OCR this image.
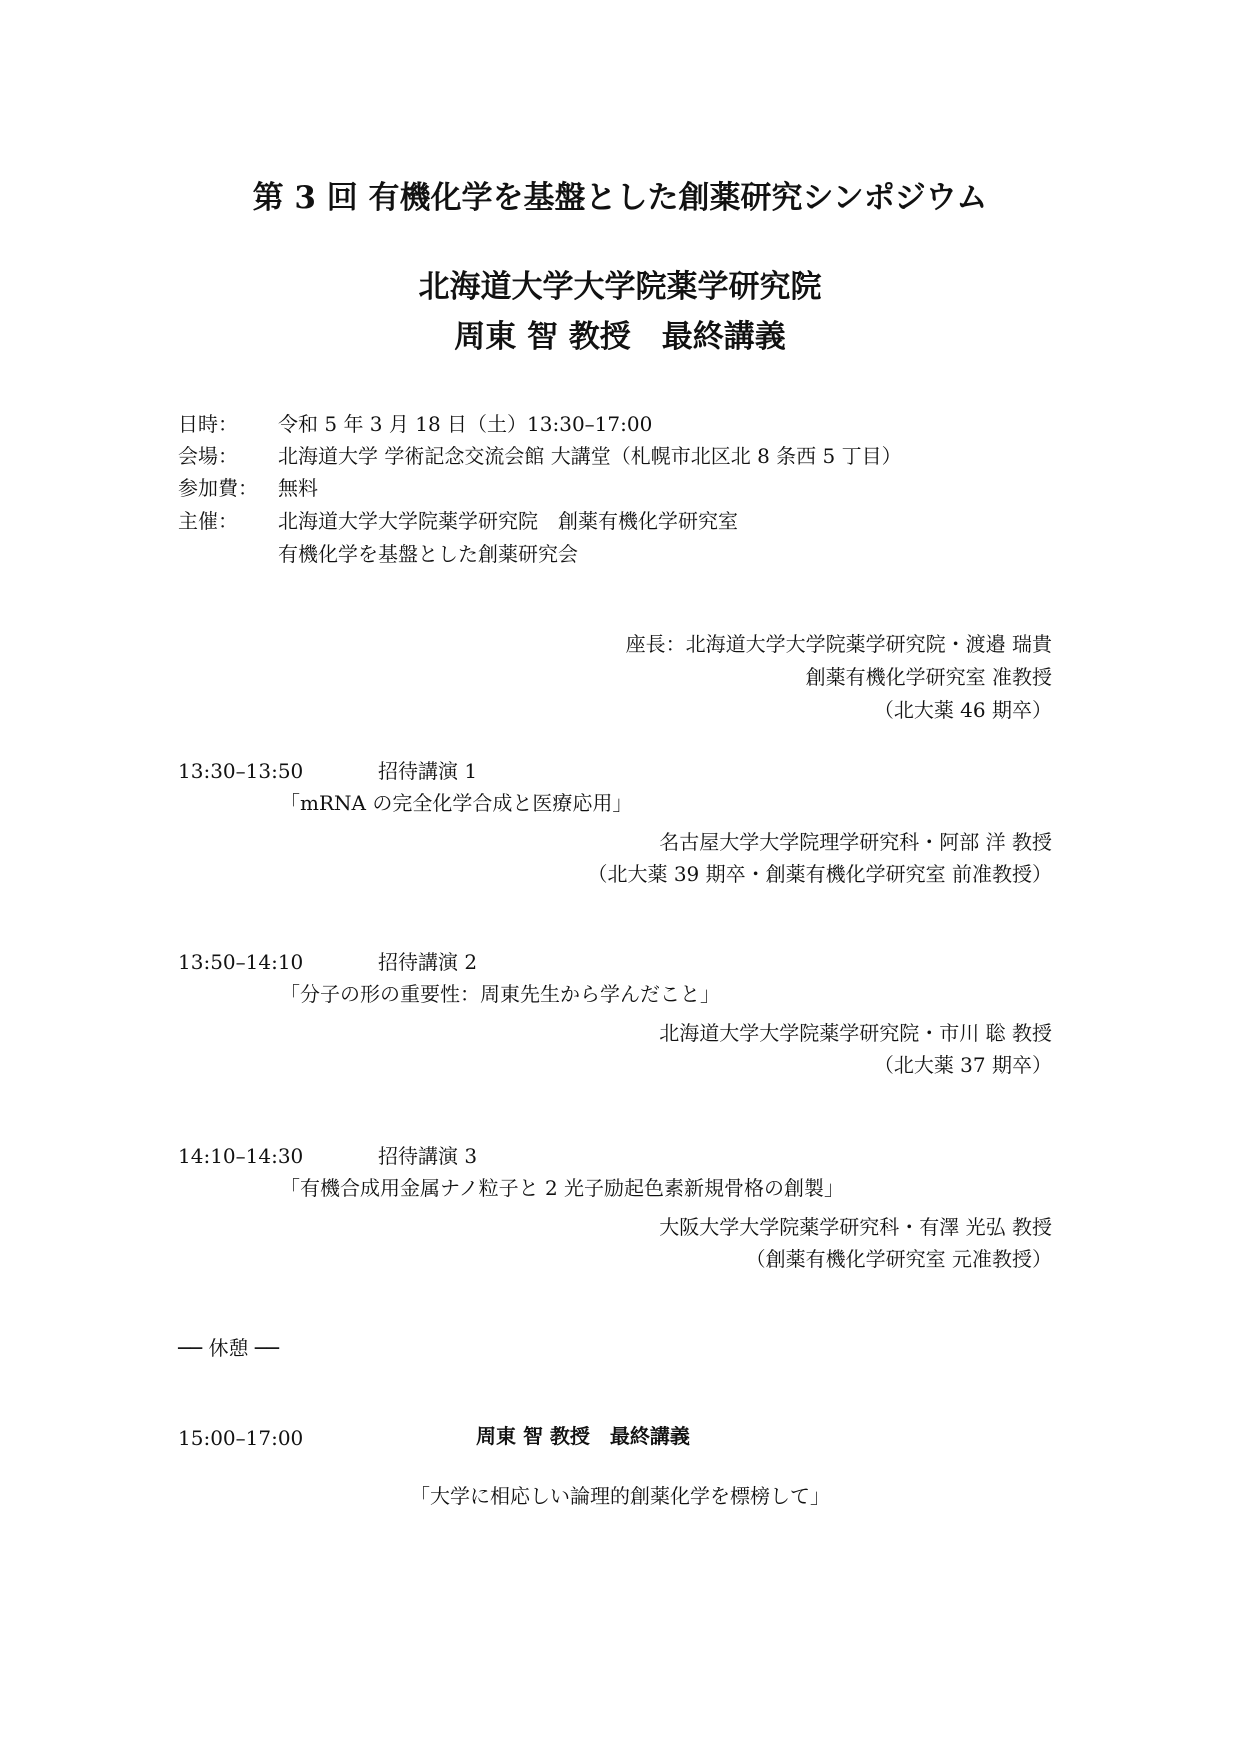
第 3 回 有機化学を基盤とした創薬研究シンポジウム
北海道大学大学院薬学研究院
周東 智 教授　最終講義
日時： 令和 5 年 3 月 18 日（土）13:30–17:00
会場： 北海道大学 学術記念交流会館 大講堂（札幌市北区北 8 条西 5 丁目）
参加費： 無料
主催： 北海道大学大学院薬学研究院　創薬有機化学研究室
有機化学を基盤とした創薬研究会
座長：北海道大学大学院薬学研究院・渡邉 瑞貴
創薬有機化学研究室 准教授
（北大薬 46 期卒）
13:30–13:50	招待講演 1
「mRNA の完全化学合成と医療応用」
名古屋大学大学院理学研究科・阿部 洋 教授
（北大薬 39 期卒・創薬有機化学研究室 前准教授）
13:50–14:10	招待講演 2
「分子の形の重要性：周東先生から学んだこと」
北海道大学大学院薬学研究院・市川 聡 教授
（北大薬 37 期卒）
14:10–14:30	招待講演 3
「有機合成用金属ナノ粒子と 2 光子励起色素新規骨格の創製」
大阪大学大学院薬学研究科・有澤 光弘 教授
（創薬有機化学研究室 元准教授）
── 休憩 ──
15:00–17:00	周東 智 教授　最終講義
「大学に相応しい論理的創薬化学を標榜して」
